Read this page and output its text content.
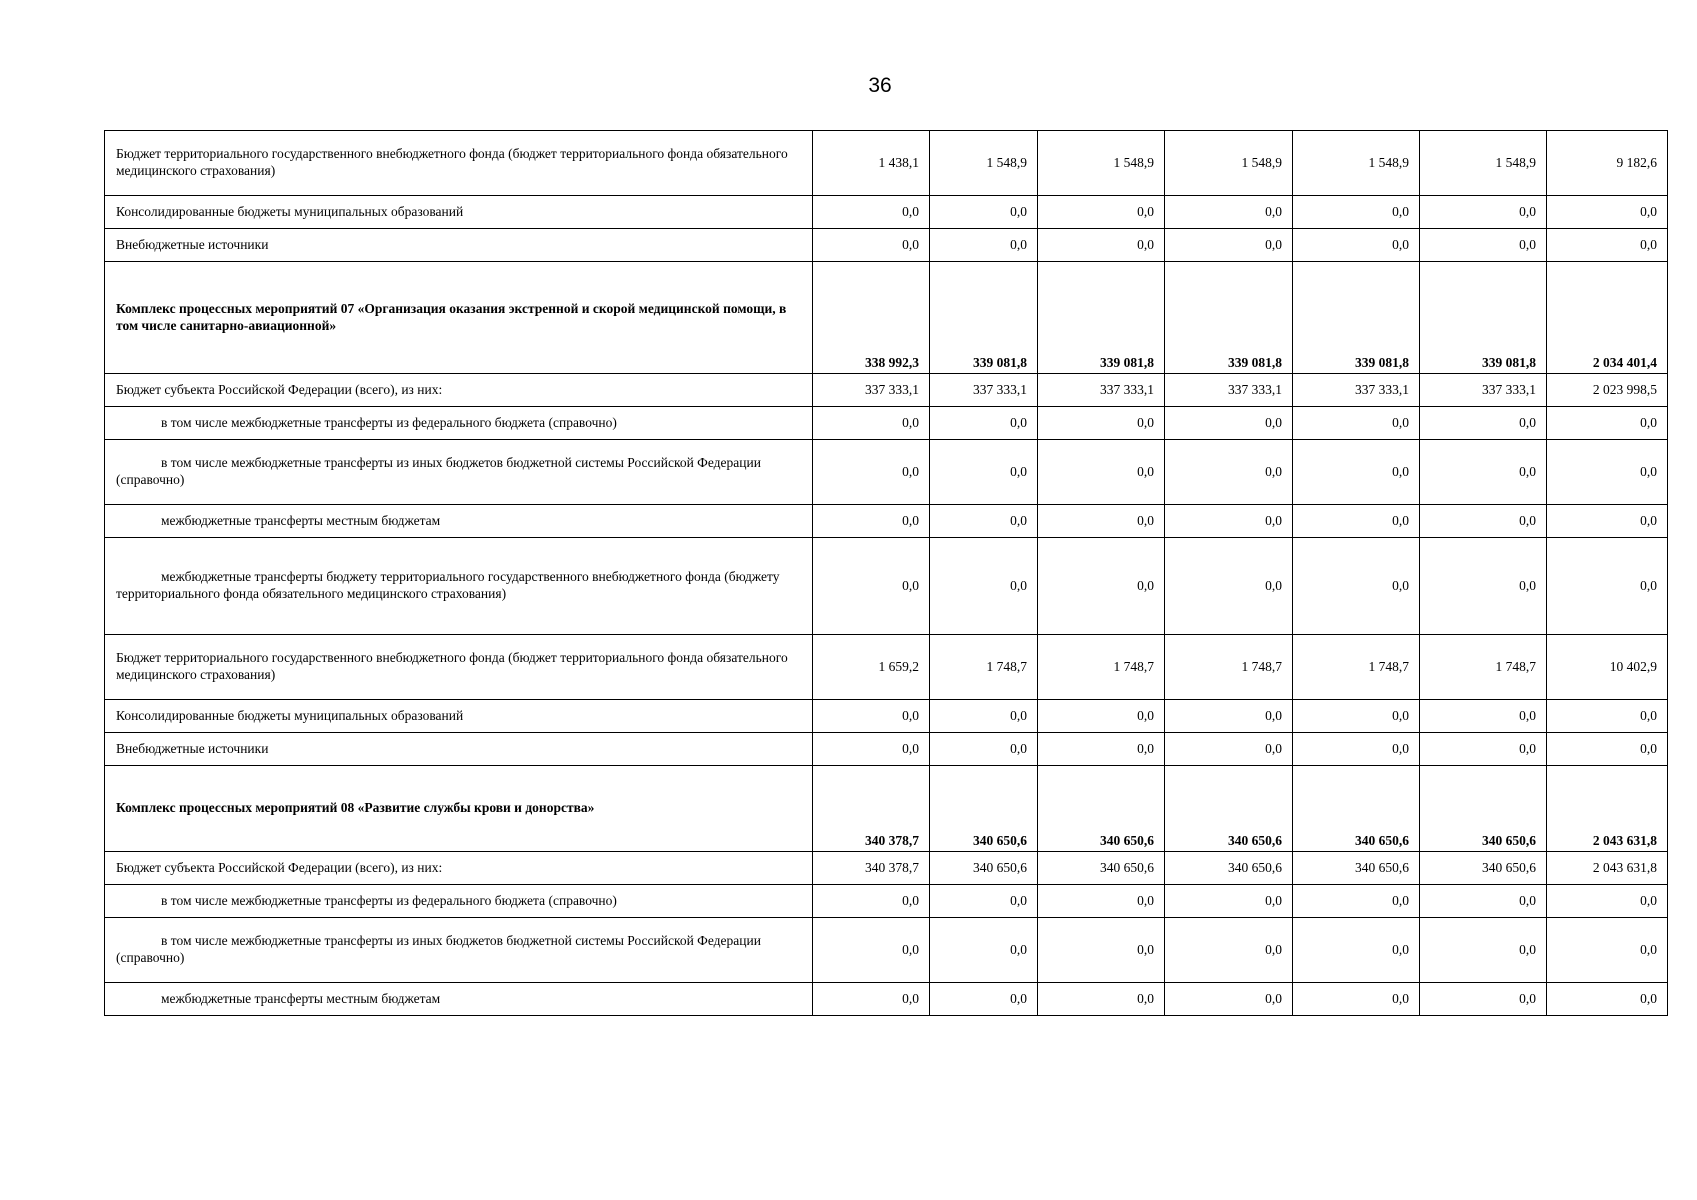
36
Бюджет территориального государственного внебюджетного фонда (бюджет территориального фонда обязательного медицинского страхования)	1 438,1	1 548,9	1 548,9	1 548,9	1 548,9	1 548,9	9 182,6
Консолидированные бюджеты муниципальных образований	0,0	0,0	0,0	0,0	0,0	0,0	0,0
Внебюджетные источники	0,0	0,0	0,0	0,0	0,0	0,0	0,0
Комплекс процессных мероприятий 07 «Организация оказания экстренной и скорой медицинской помощи, в том числе санитарно-авиационной»	338 992,3	339 081,8	339 081,8	339 081,8	339 081,8	339 081,8	2 034 401,4
Бюджет субъекта Российской Федерации (всего), из них:	337 333,1	337 333,1	337 333,1	337 333,1	337 333,1	337 333,1	2 023 998,5
в том числе межбюджетные трансферты из федерального бюджета (справочно)	0,0	0,0	0,0	0,0	0,0	0,0	0,0
в том числе межбюджетные трансферты из иных бюджетов бюджетной системы Российской Федерации (справочно)	0,0	0,0	0,0	0,0	0,0	0,0	0,0
межбюджетные трансферты местным бюджетам	0,0	0,0	0,0	0,0	0,0	0,0	0,0
межбюджетные трансферты бюджету территориального государственного внебюджетного фонда (бюджету территориального фонда обязательного медицинского страхования)	0,0	0,0	0,0	0,0	0,0	0,0	0,0
Бюджет территориального государственного внебюджетного фонда (бюджет территориального фонда обязательного медицинского страхования)	1 659,2	1 748,7	1 748,7	1 748,7	1 748,7	1 748,7	10 402,9
Консолидированные бюджеты муниципальных образований	0,0	0,0	0,0	0,0	0,0	0,0	0,0
Внебюджетные источники	0,0	0,0	0,0	0,0	0,0	0,0	0,0
Комплекс процессных мероприятий 08 «Развитие службы крови и донорства»	340 378,7	340 650,6	340 650,6	340 650,6	340 650,6	340 650,6	2 043 631,8
Бюджет субъекта Российской Федерации (всего), из них:	340 378,7	340 650,6	340 650,6	340 650,6	340 650,6	340 650,6	2 043 631,8
в том числе межбюджетные трансферты из федерального бюджета (справочно)	0,0	0,0	0,0	0,0	0,0	0,0	0,0
в том числе межбюджетные трансферты из иных бюджетов бюджетной системы Российской Федерации (справочно)	0,0	0,0	0,0	0,0	0,0	0,0	0,0
межбюджетные трансферты местным бюджетам	0,0	0,0	0,0	0,0	0,0	0,0	0,0
